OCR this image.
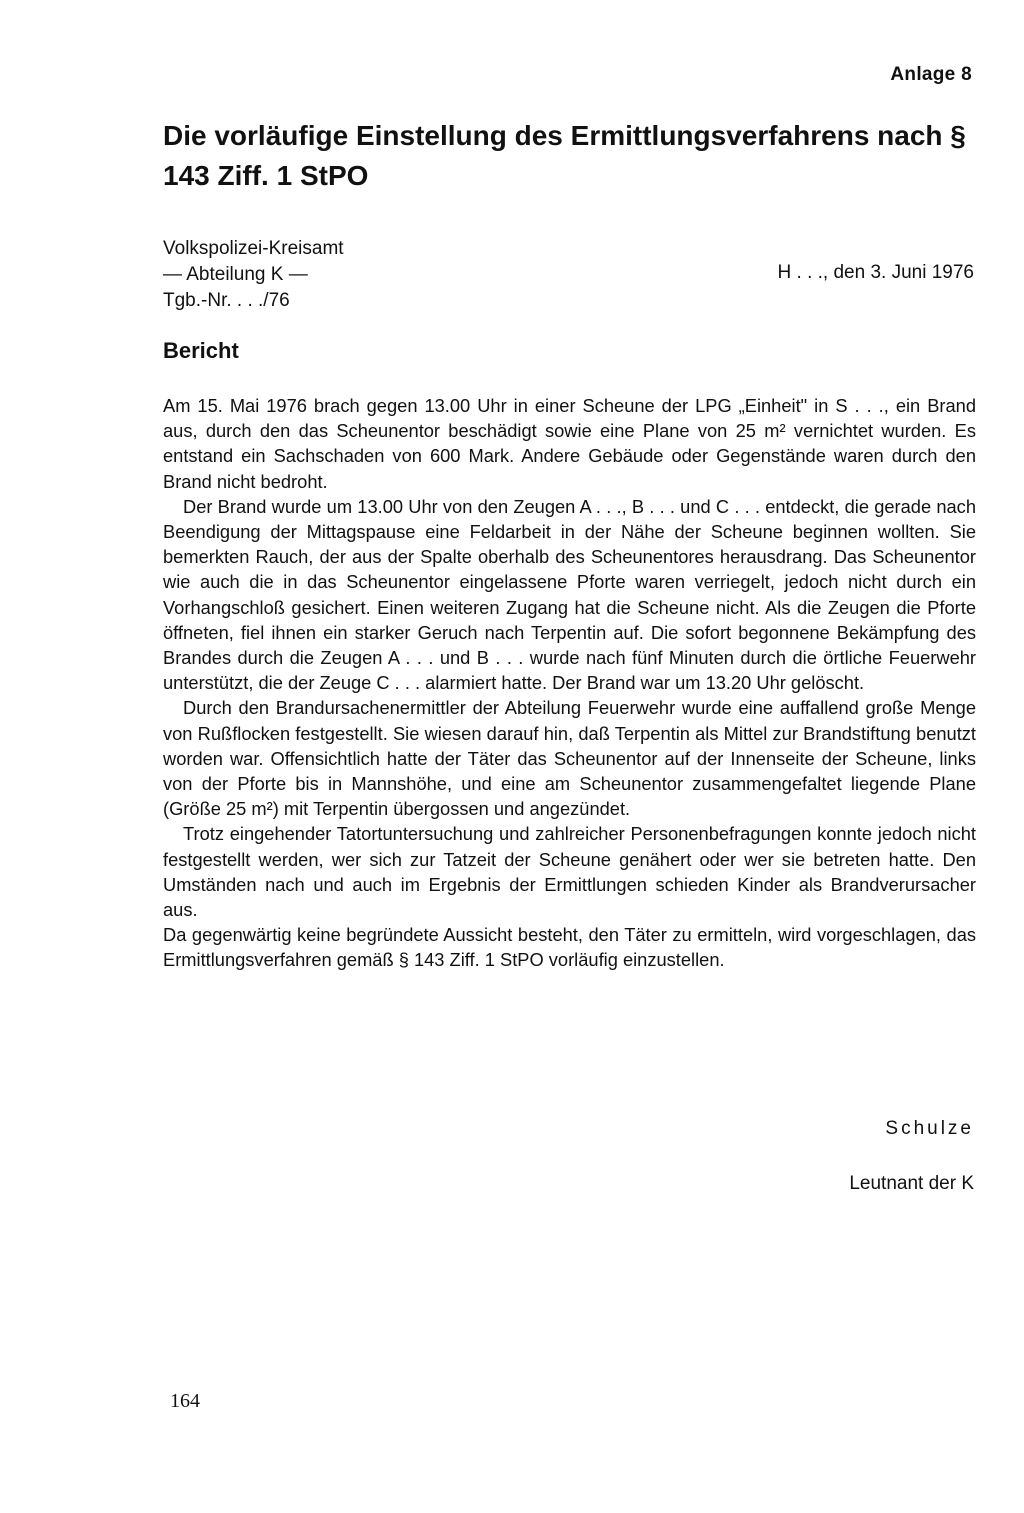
Anlage 8
Die vorläufige Einstellung des Ermittlungsverfahrens nach § 143 Ziff. 1 StPO
Volkspolizei-Kreisamt
— Abteilung K —
Tgb.-Nr. . . ./76
H . . ., den 3. Juni 1976
Bericht

Am 15. Mai 1976 brach gegen 13.00 Uhr in einer Scheune der LPG „Einheit" in S . . ., ein Brand aus, durch den das Scheunentor beschädigt sowie eine Plane von 25 m² vernichtet wurden. Es entstand ein Sachschaden von 600 Mark. Andere Gebäude oder Gegenstände waren durch den Brand nicht bedroht.

Der Brand wurde um 13.00 Uhr von den Zeugen A . . ., B . . . und C . . . entdeckt, die gerade nach Beendigung der Mittagspause eine Feldarbeit in der Nähe der Scheune beginnen wollten. Sie bemerkten Rauch, der aus der Spalte oberhalb des Scheunentores herausdrang. Das Scheunentor wie auch die in das Scheunentor eingelassene Pforte waren verriegelt, jedoch nicht durch ein Vorhangschloß gesichert. Einen weiteren Zugang hat die Scheune nicht. Als die Zeugen die Pforte öffneten, fiel ihnen ein starker Geruch nach Terpentin auf. Die sofort begonnene Bekämpfung des Brandes durch die Zeugen A . . . und B . . . wurde nach fünf Minuten durch die örtliche Feuerwehr unterstützt, die der Zeuge C . . . alarmiert hatte. Der Brand war um 13.20 Uhr gelöscht.

Durch den Brandursachenermittler der Abteilung Feuerwehr wurde eine auffallend große Menge von Rußflocken festgestellt. Sie wiesen darauf hin, daß Terpentin als Mittel zur Brandstiftung benutzt worden war. Offensichtlich hatte der Täter das Scheunentor auf der Innenseite der Scheune, links von der Pforte bis in Mannshöhe, und eine am Scheunentor zusammengefaltet liegende Plane (Größe 25 m²) mit Terpentin übergossen und angezündet.

Trotz eingehender Tatortuntersuchung und zahlreicher Personenbefragungen konnte jedoch nicht festgestellt werden, wer sich zur Tatzeit der Scheune genähert oder wer sie betreten hatte. Den Umständen nach und auch im Ergebnis der Ermittlungen schieden Kinder als Brandverursacher aus.

Da gegenwärtig keine begründete Aussicht besteht, den Täter zu ermitteln, wird vorgeschlagen, das Ermittlungsverfahren gemäß § 143 Ziff. 1 StPO vorläufig einzustellen.

Schulze
Leutnant der K
164
